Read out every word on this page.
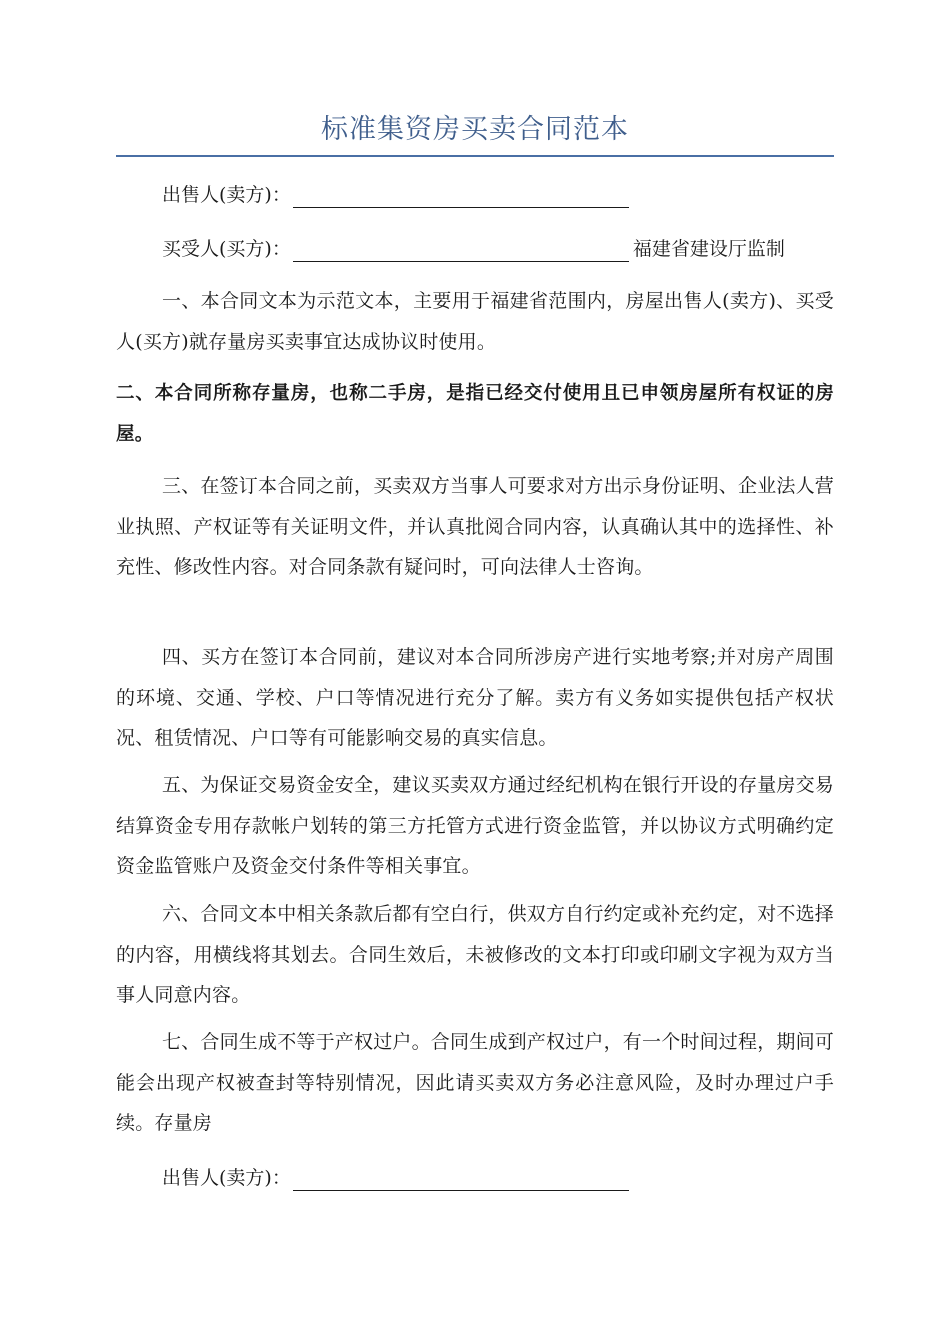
标准集资房买卖合同范本
出售人(卖方)：
买受人(买方)：	福建省建设厅监制

一、本合同文本为示范文本，主要用于福建省范围内，房屋出售人(卖方)、买受人(买方)就存量房买卖事宜达成协议时使用。

二、本合同所称存量房，也称二手房，是指已经交付使用且已申领房屋所有权证的房屋。

三、在签订本合同之前，买卖双方当事人可要求对方出示身份证明、企业法人营业执照、产权证等有关证明文件，并认真批阅合同内容，认真确认其中的选择性、补充性、修改性内容。对合同条款有疑问时，可向法律人士咨询。

四、买方在签订本合同前，建议对本合同所涉房产进行实地考察;并对房产周围的环境、交通、学校、户口等情况进行充分了解。卖方有义务如实提供包括产权状况、租赁情况、户口等有可能影响交易的真实信息。

五、为保证交易资金安全，建议买卖双方通过经纪机构在银行开设的存量房交易结算资金专用存款帐户划转的第三方托管方式进行资金监管，并以协议方式明确约定资金监管账户及资金交付条件等相关事宜。

六、合同文本中相关条款后都有空白行，供双方自行约定或补充约定，对不选择的内容，用横线将其划去。合同生效后，未被修改的文本打印或印刷文字视为双方当事人同意内容。

七、合同生成不等于产权过户。合同生成到产权过户，有一个时间过程，期间可能会出现产权被查封等特别情况，因此请买卖双方务必注意风险，及时办理过户手续。存量房

出售人(卖方)：
